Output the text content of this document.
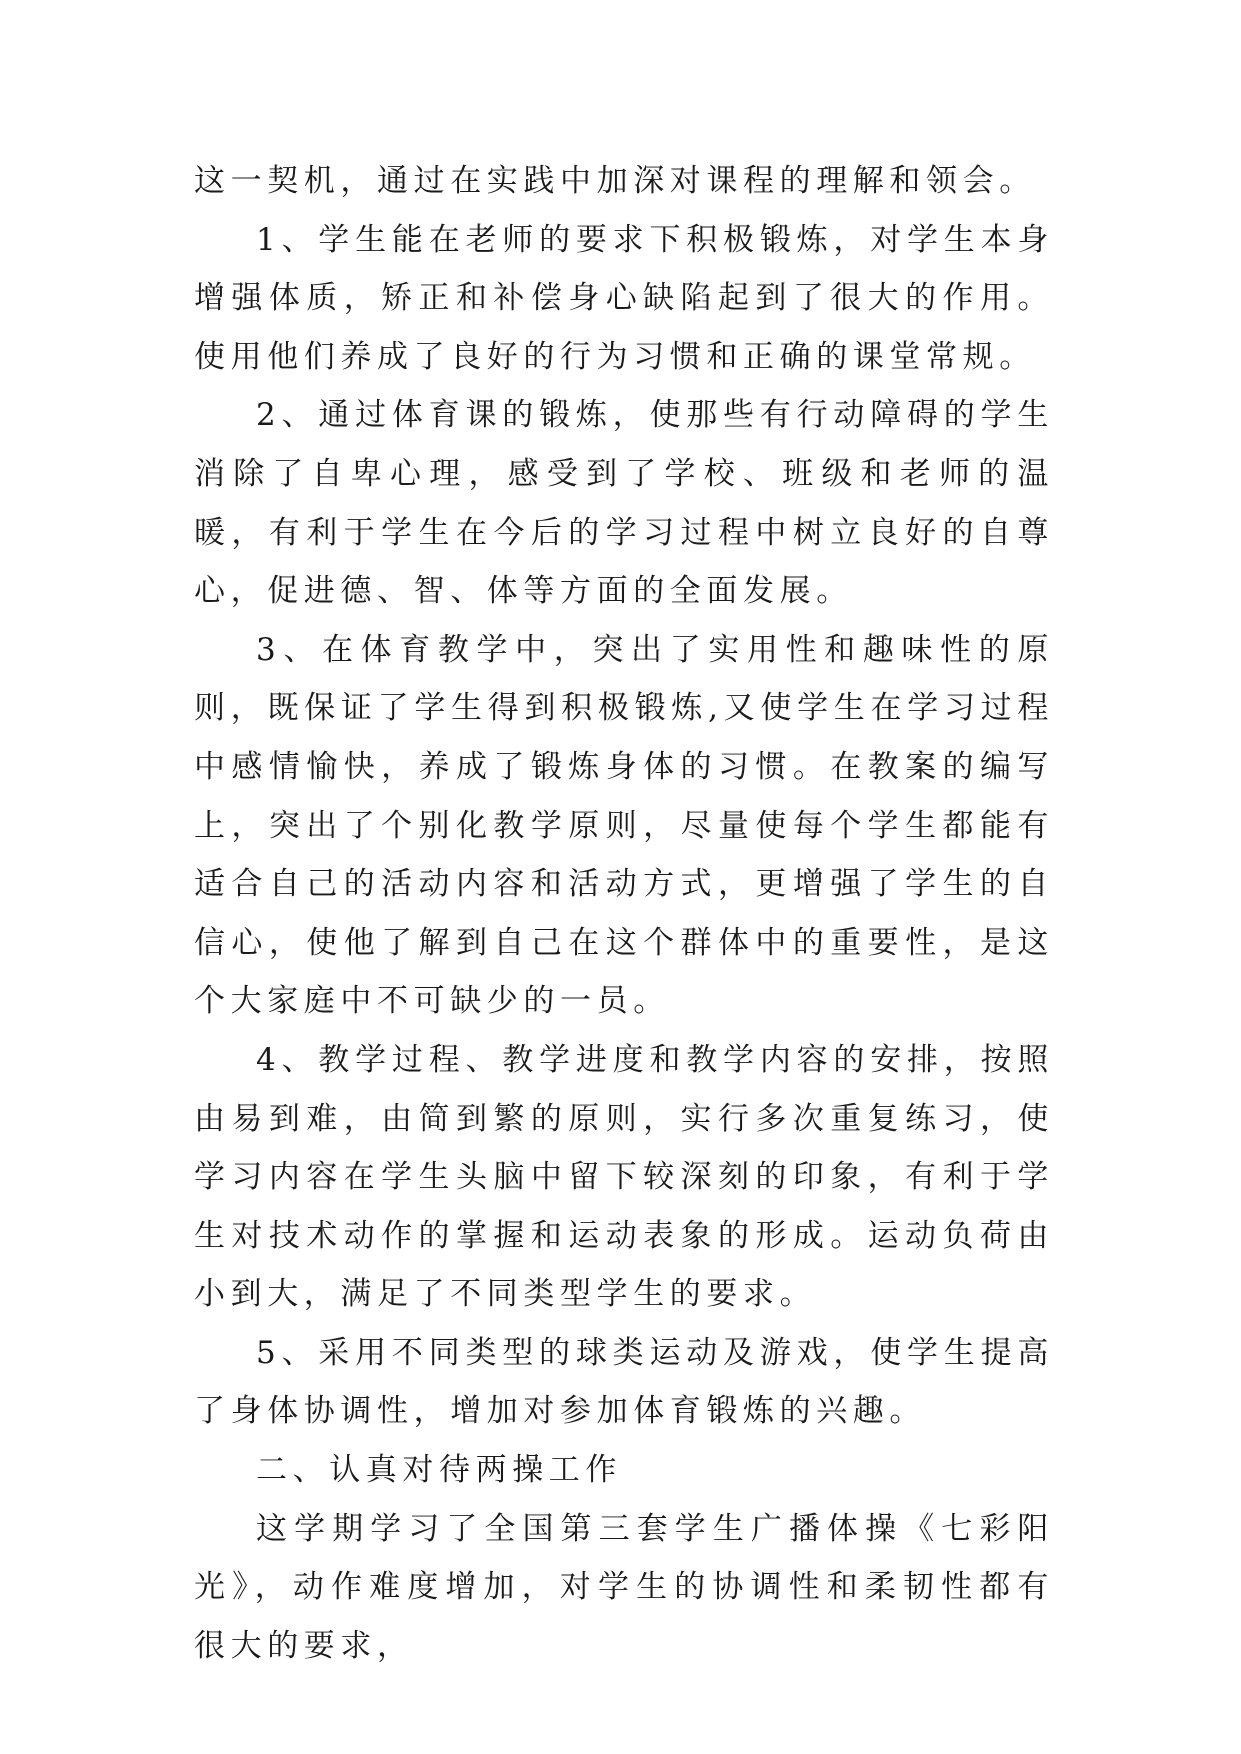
这一契机，通过在实践中加深对课程的理解和领会。

1、学生能在老师的要求下积极锻炼，对学生本身增强体质，矫正和补偿身心缺陷起到了很大的作用。使用他们养成了良好的行为习惯和正确的课堂常规。

2、通过体育课的锻炼，使那些有行动障碍的学生消除了自卑心理，感受到了学校、班级和老师的温暖，有利于学生在今后的学习过程中树立良好的自尊心，促进德、智、体等方面的全面发展。

3、在体育教学中，突出了实用性和趣味性的原则，既保证了学生得到积极锻炼,又使学生在学习过程中感情愉快，养成了锻炼身体的习惯。在教案的编写上，突出了个别化教学原则，尽量使每个学生都能有适合自己的活动内容和活动方式，更增强了学生的自信心，使他了解到自己在这个群体中的重要性，是这个大家庭中不可缺少的一员。

4、教学过程、教学进度和教学内容的安排，按照由易到难，由简到繁的原则，实行多次重复练习，使学习内容在学生头脑中留下较深刻的印象，有利于学生对技术动作的掌握和运动表象的形成。运动负荷由小到大，满足了不同类型学生的要求。

5、采用不同类型的球类运动及游戏，使学生提高了身体协调性，增加对参加体育锻炼的兴趣。

二、认真对待两操工作

这学期学习了全国第三套学生广播体操《七彩阳光》，动作难度增加，对学生的协调性和柔韧性都有很大的要求，
